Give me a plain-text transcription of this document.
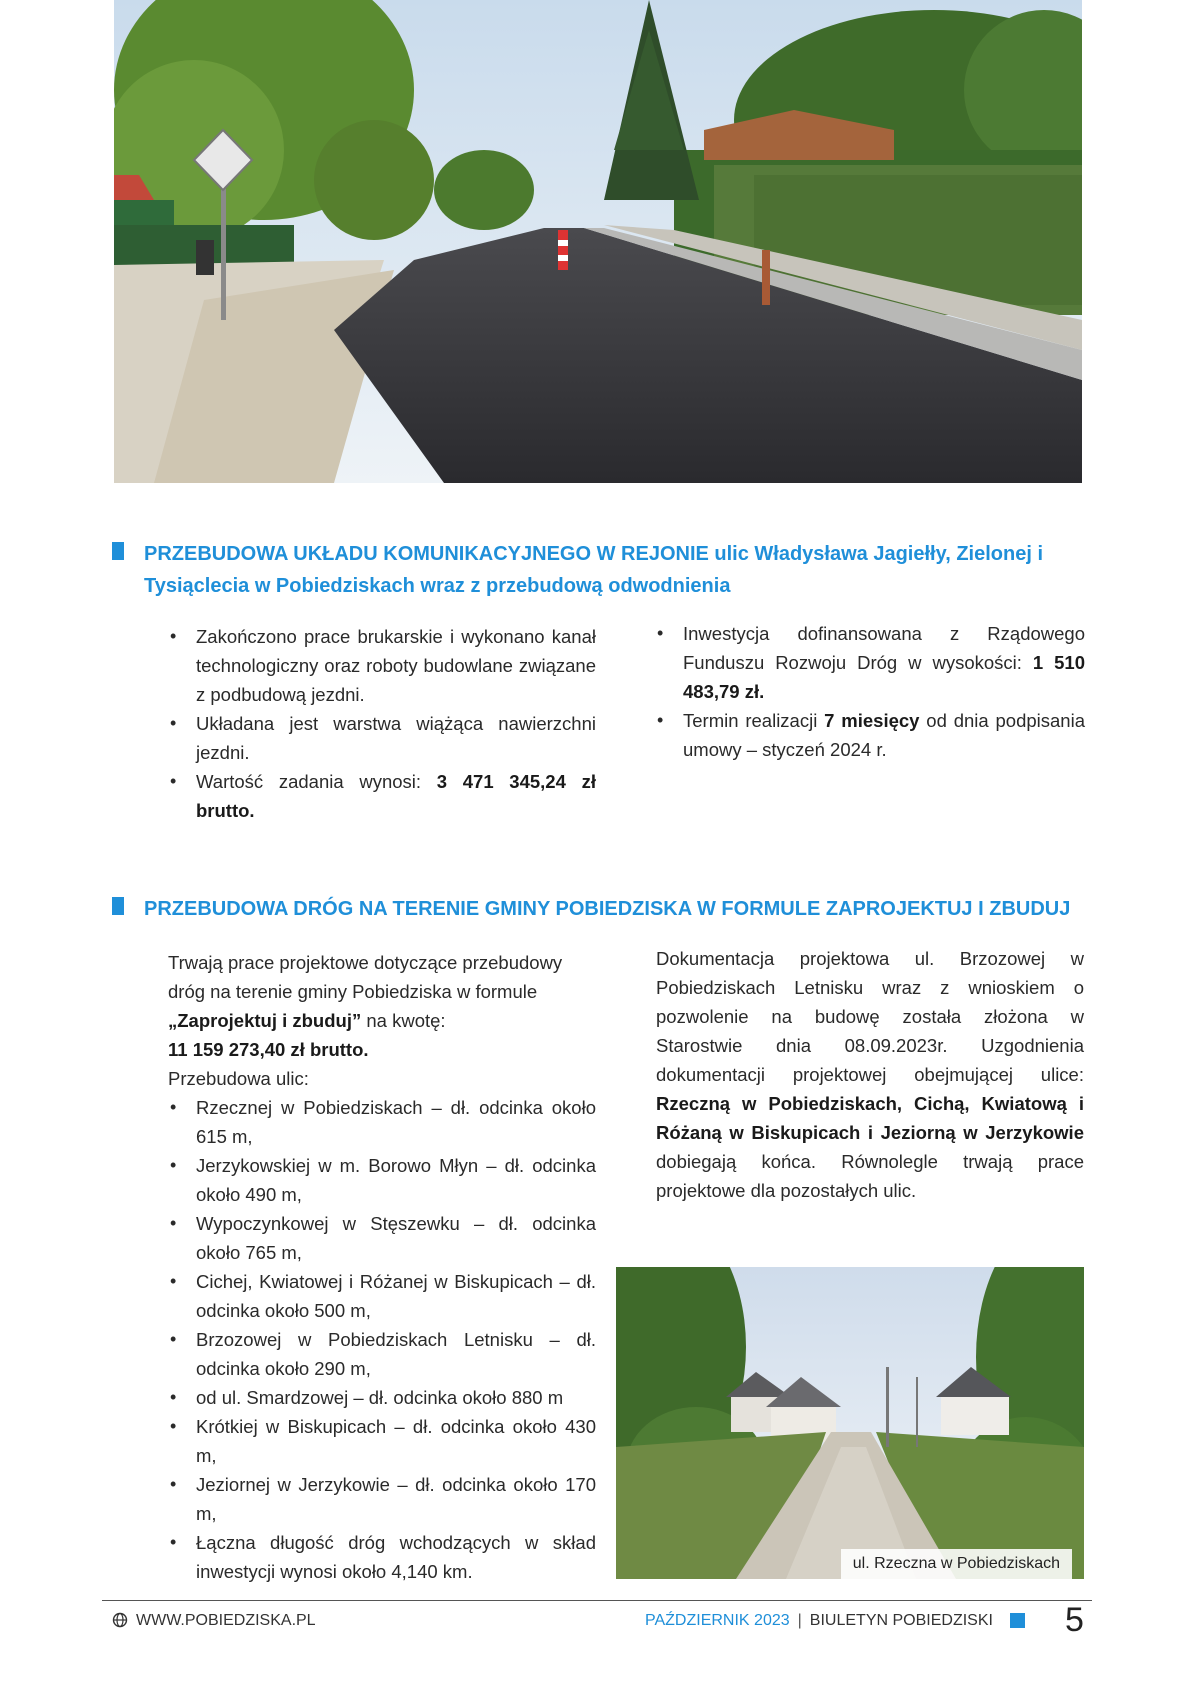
PRZEBUDOWA UKŁADU KOMUNIKACYJNEGO W REJONIE ulic Władysława Jagiełły, Zielonej i Tysiąclecia w Pobiedziskach wraz z przebudową odwodnienia
• Zakończono prace brukarskie i wykonano kanał technologiczny oraz roboty budowlane związane z podbudową jezdni.
• Układana jest warstwa wiążąca nawierzchni jezdni.
• Wartość zadania wynosi: 3 471 345,24 zł brutto.
• Inwestycja dofinansowana z Rządowego Funduszu Rozwoju Dróg w wysokości: 1 510 483,79 zł.
• Termin realizacji 7 miesięcy od dnia podpisania umowy – styczeń 2024 r.
PRZEBUDOWA DRÓG NA TERENIE GMINY POBIEDZISKA W FORMULE ZAPROJEKTUJ I ZBUDUJ

Trwają prace projektowe dotyczące przebudowy dróg na terenie gminy Pobiedziska w formule „Zaprojektuj i zbuduj” na kwotę:

11 159 273,40 zł brutto.

Przebudowa ulic:

• Rzecznej w Pobiedziskach – dł. odcinka około 615 m,
• Jerzykowskiej w m. Borowo Młyn – dł. odcinka około 490 m,
• Wypoczynkowej w Stęszewku – dł. odcinka około 765 m,
• Cichej, Kwiatowej i Różanej w Biskupicach – dł. odcinka około 500 m,
• Brzozowej w Pobiedziskach Letnisku – dł. odcinka około 290 m,
• od ul. Smardzowej – dł. odcinka około 880 m
• Krótkiej w Biskupicach – dł. odcinka około 430 m,
• Jeziornej w Jerzykowie – dł. odcinka około 170 m,
• Łączna długość dróg wchodzących w skład inwestycji wynosi około 4,140 km.

Dokumentacja projektowa ul. Brzozowej w Pobiedziskach Letnisku wraz z wnioskiem o pozwolenie na budowę została złożona w Starostwie dnia 08.09.2023r. Uzgodnienia dokumentacji projektowej obejmującej ulice: Rzeczną w Pobiedziskach, Cichą, Kwiatową i Różaną w Biskupicach i Jeziorną w Jerzykowie dobiegają końca. Równolegle trwają prace projektowe dla pozostałych ulic.

ul. Rzeczna w Pobiedziskach
WWW.POBIEDZISKA.PL	PAŹDZIERNIK 2023 | BIULETYN POBIEDZISKI	5
